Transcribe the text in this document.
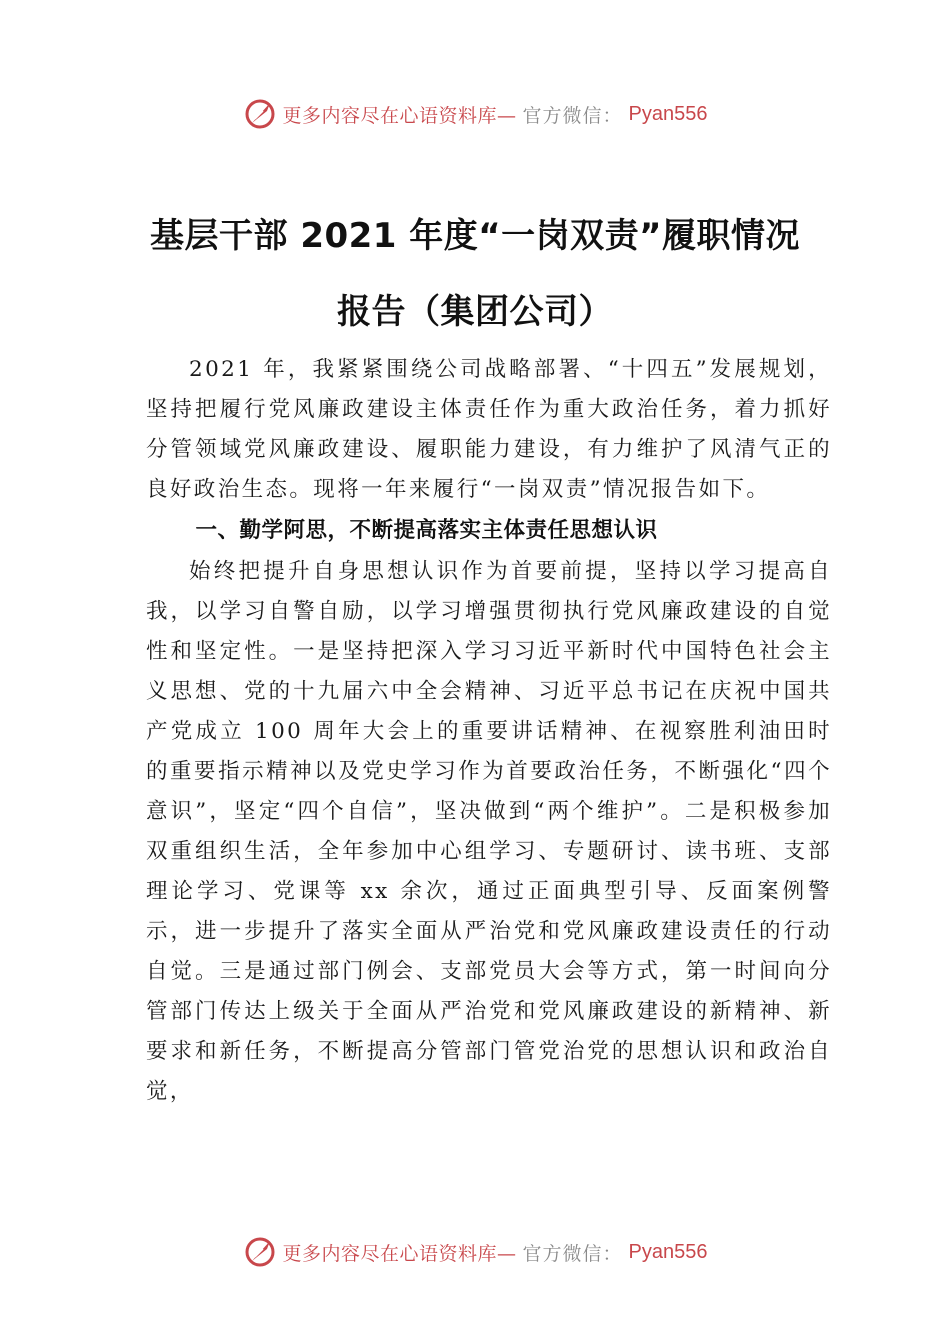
更多内容尽在心语资料库— 官方微信： Pyan556
基层干部 2021 年度“一岗双责”履职情况
报告（集团公司）

2021 年，我紧紧围绕公司战略部署、“十四五”发展规划，坚持把履行党风廉政建设主体责任作为重大政治任务，着力抓好分管领域党风廉政建设、履职能力建设，有力维护了风清气正的良好政治生态。现将一年来履行“一岗双责”情况报告如下。

一、勤学阿思，不断提高落实主体责任思想认识

始终把提升自身思想认识作为首要前提，坚持以学习提高自我，以学习自警自励，以学习增强贯彻执行党风廉政建设的自觉性和坚定性。一是坚持把深入学习习近平新时代中国特色社会主义思想、党的十九届六中全会精神、习近平总书记在庆祝中国共产党成立 100 周年大会上的重要讲话精神、在视察胜利油田时的重要指示精神以及党史学习作为首要政治任务，不断强化“四个意识”，坚定“四个自信”，坚决做到“两个维护”。二是积极参加双重组织生活，全年参加中心组学习、专题研讨、读书班、支部理论学习、党课等 xx 余次，通过正面典型引导、反面案例警示，进一步提升了落实全面从严治党和党风廉政建设责任的行动自觉。三是通过部门例会、支部党员大会等方式，第一时间向分管部门传达上级关于全面从严治党和党风廉政建设的新精神、新要求和新任务，不断提高分管部门管党治党的思想认识和政治自觉，

更多内容尽在心语资料库— 官方微信： Pyan556
